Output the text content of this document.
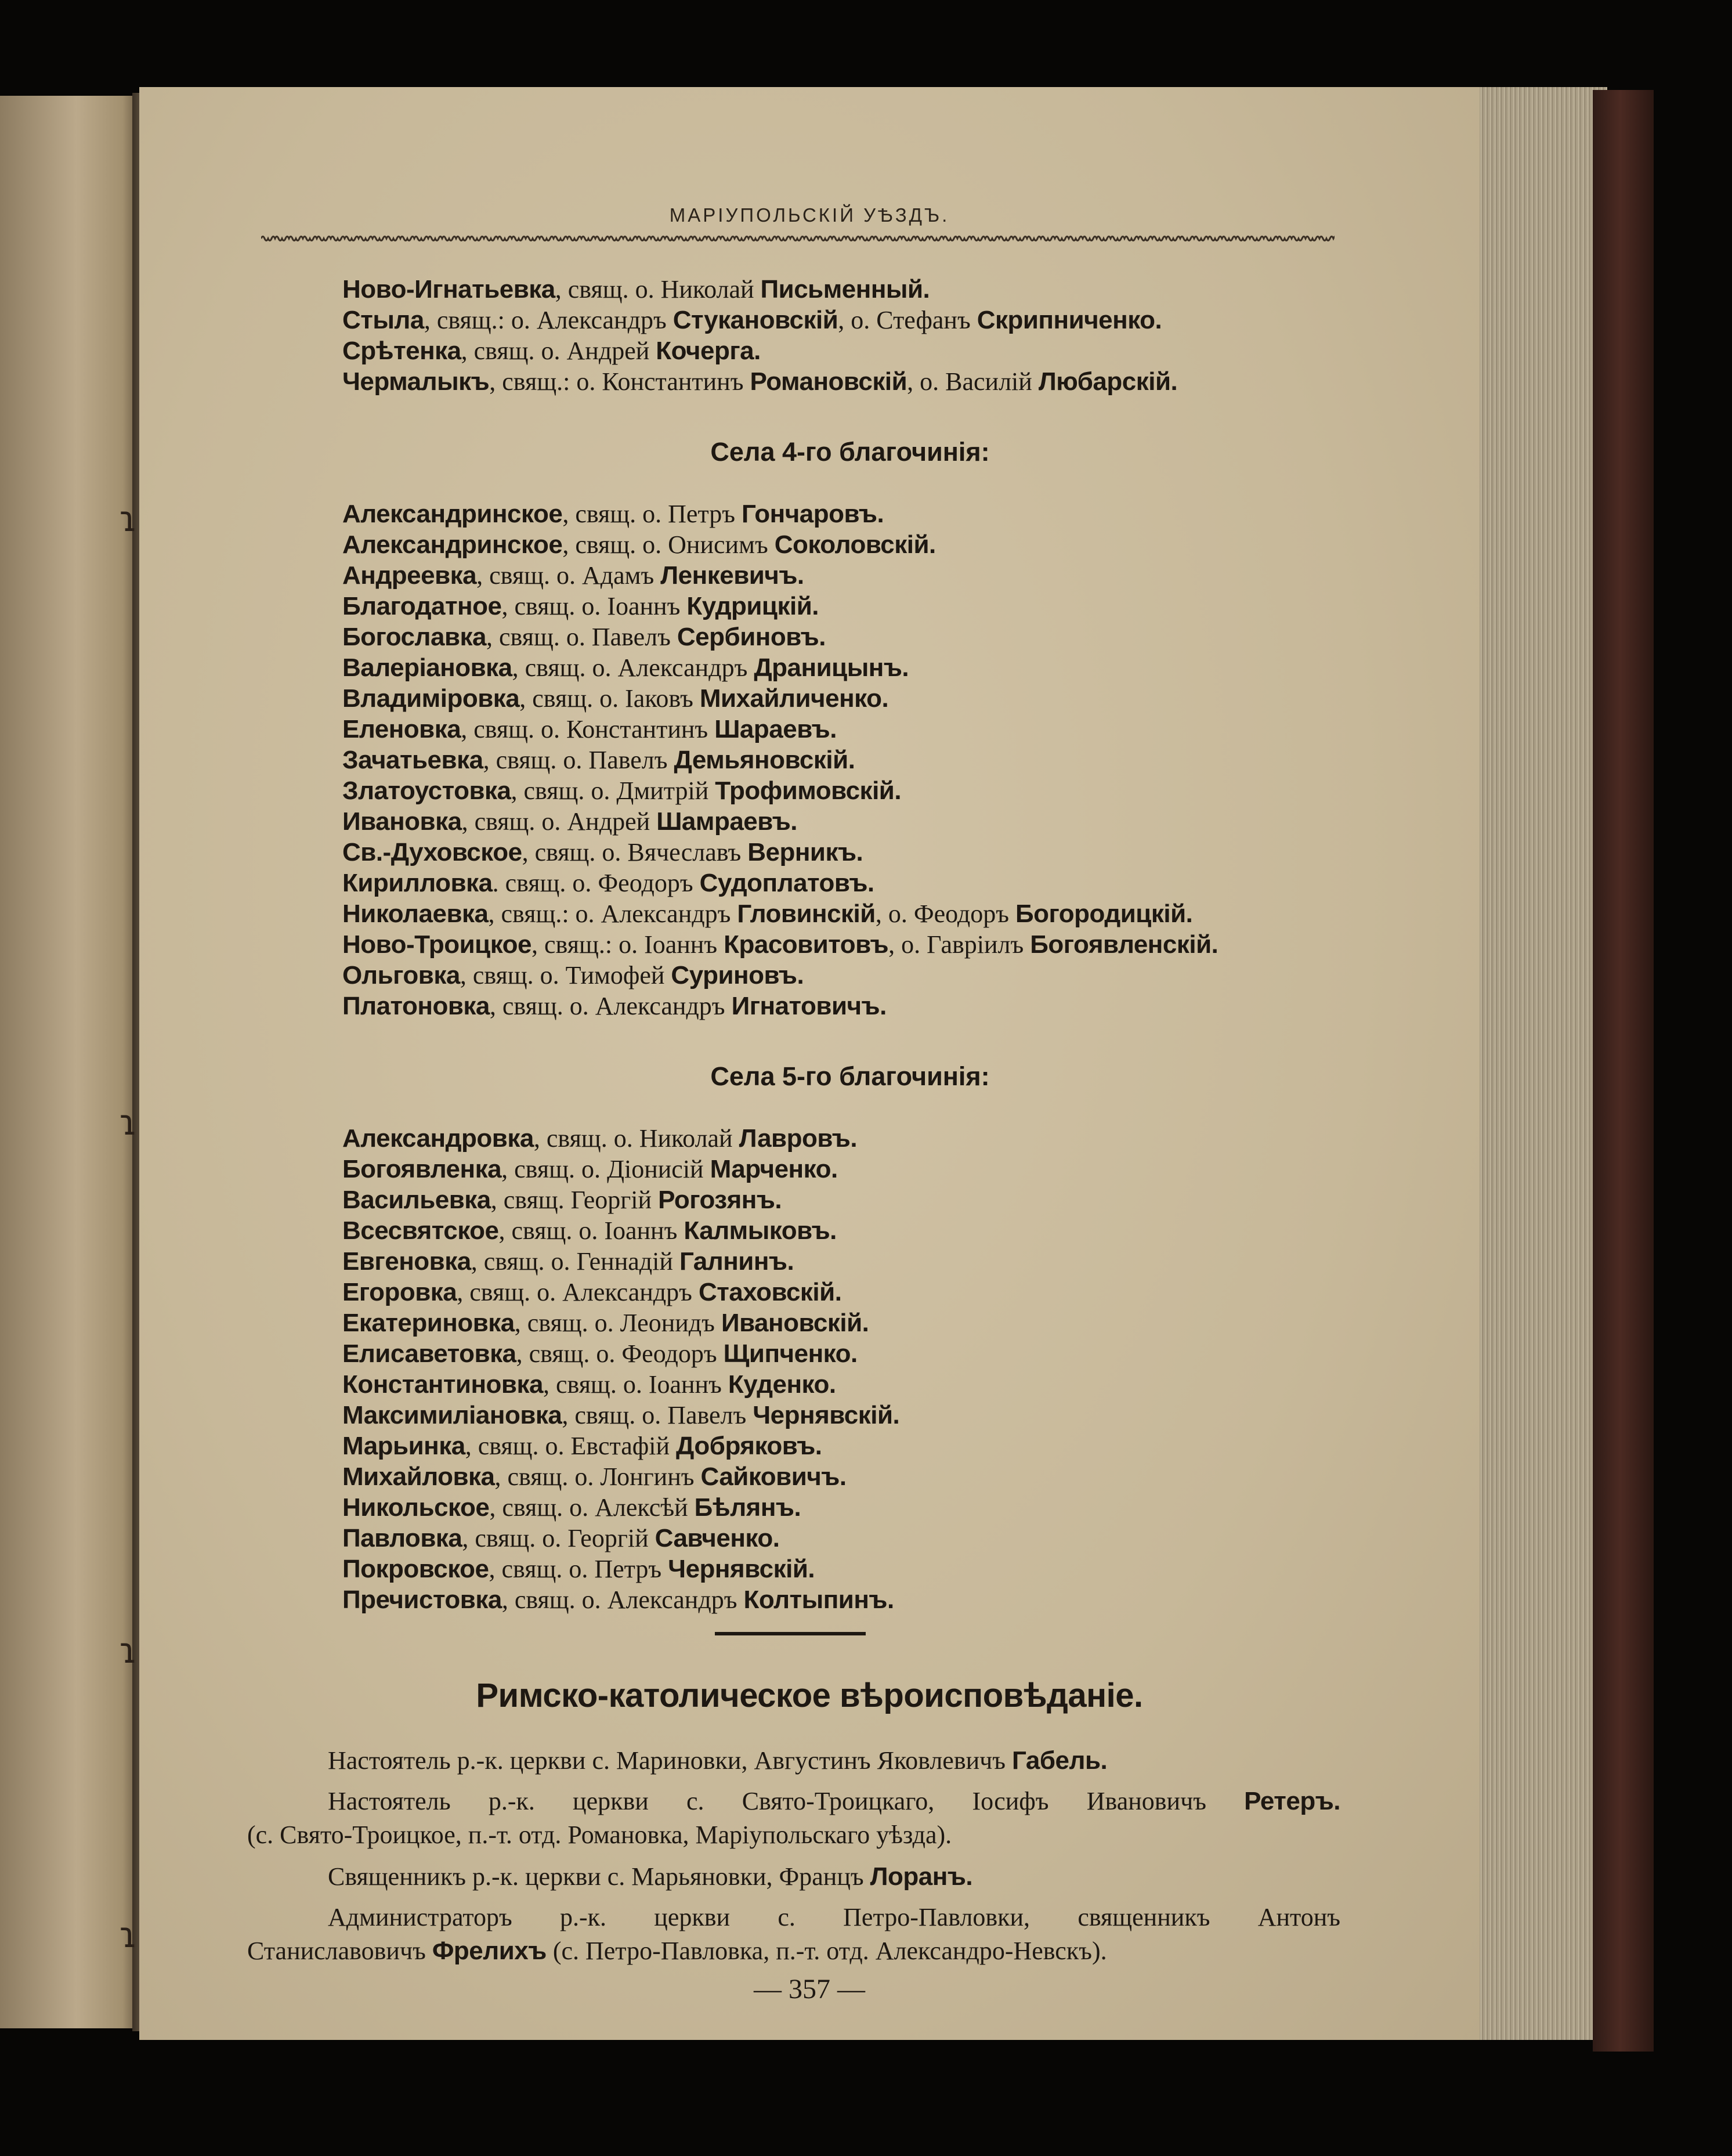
ɿ
ɿ
ɿ
ɿ
МАРІУПОЛЬСКІЙ УѢЗДЪ.
Ново-Игнатьевка, свящ. о. Николай Письменный.
Стыла, свящ.: о. Александръ Стукановскій, о. Стефанъ Скрипниченко.
Срѣтенка, свящ. о. Андрей Кочерга.
Чермалыкъ, свящ.: о. Константинъ Романовскій, о. Василій Любарскій.
Села 4-го благочинія:
Александринское, свящ. о. Петръ Гончаровъ.
Александринское, свящ. о. Онисимъ Соколовскій.
Андреевка, свящ. о. Адамъ Ленкевичъ.
Благодатное, свящ. о. Іоаннъ Кудрицкій.
Богославка, свящ. о. Павелъ Сербиновъ.
Валеріановка, свящ. о. Александръ Драницынъ.
Владиміровка, свящ. о. Іаковъ Михайличенко.
Еленовка, свящ. о. Константинъ Шараевъ.
Зачатьевка, свящ. о. Павелъ Демьяновскій.
Златоустовка, свящ. о. Дмитрій Трофимовскій.
Ивановка, свящ. о. Андрей Шамраевъ.
Св.-Духовское, свящ. о. Вячеславъ Верникъ.
Кирилловка. свящ. о. Феодоръ Судоплатовъ.
Николаевка, свящ.: о. Александръ Гловинскій, о. Феодоръ Богородицкій.
Ново-Троицкое, свящ.: о. Іоаннъ Красовитовъ, о. Гавріилъ Богоявленскій.
Ольговка, свящ. о. Тимофей Суриновъ.
Платоновка, свящ. о. Александръ Игнатовичъ.
Села 5-го благочинія:
Александровка, свящ. о. Николай Лавровъ.
Богоявленка, свящ. о. Діонисій Марченко.
Васильевка, свящ. Георгій Рогозянъ.
Всесвятское, свящ. о. Іоаннъ Калмыковъ.
Евгеновка, свящ. о. Геннадій Галнинъ.
Егоровка, свящ. о. Александръ Стаховскій.
Екатериновка, свящ. о. Леонидъ Ивановскій.
Елисаветовка, свящ. о. Феодоръ Щипченко.
Константиновка, свящ. о. Іоаннъ Куденко.
Максимиліановка, свящ. о. Павелъ Чернявскій.
Марьинка, свящ. о. Евстафій Добряковъ.
Михайловка, свящ. о. Лонгинъ Сайковичъ.
Никольское, свящ. о. Алексѣй Бѣлянъ.
Павловка, свящ. о. Георгій Савченко.
Покровское, свящ. о. Петръ Чернявскій.
Пречистовка, свящ. о. Александръ Колтыпинъ.
Римско-католическое вѣроисповѣданіе.
Настоятель р.-к. церкви с. Мариновки, Августинъ Яковлевичъ Габель.
Настоятель р.-к. церкви с. Свято-Троицкаго, Іосифъ Ивановичъ Ретеръ.
(с. Свято-Троицкое, п.-т. отд. Романовка, Маріупольскаго уѣзда).
Священникъ р.-к. церкви с. Марьяновки, Францъ Лоранъ.
Администраторъ р.-к. церкви с. Петро-Павловки, священникъ Антонъ
Станиславовичъ Фрелихъ (с. Петро-Павловка, п.-т. отд. Александро-Невскъ).
— 357 —
